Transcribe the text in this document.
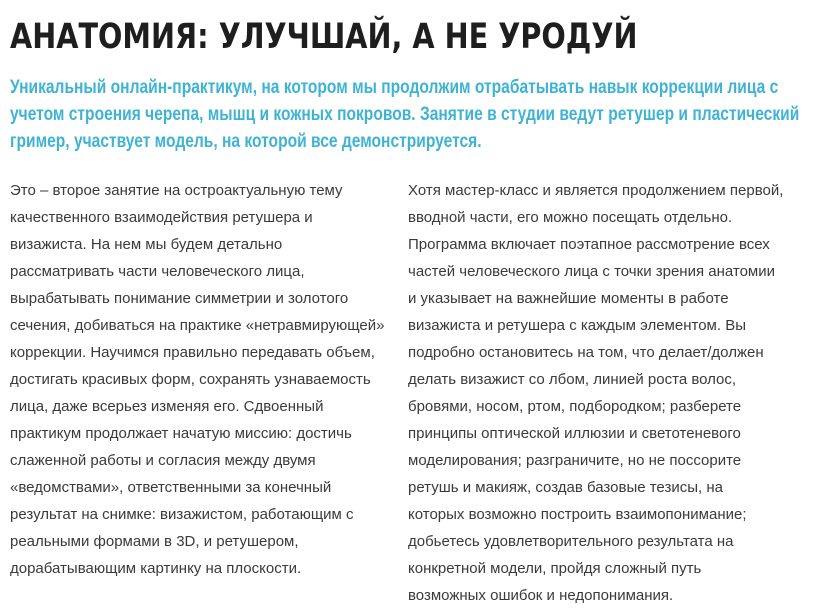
АНАТОМИЯ: УЛУЧШАЙ, А НЕ УРОДУЙ

Уникальный онлайн-практикум, на котором мы продолжим отрабатывать навык коррекции лица с
учетом строения черепа, мышц и кожных покровов. Занятие в студии ведут ретушер и пластический
гример, участвует модель, на которой все демонстрируется.

Это – второе занятие на остроактуальную тему
качественного взаимодействия ретушера и
визажиста. На нем мы будем детально
рассматривать части человеческого лица,
вырабатывать понимание симметрии и золотого
сечения, добиваться на практике «нетравмирующей»
коррекции. Научимся правильно передавать объем,
достигать красивых форм, сохранять узнаваемость
лица, даже всерьез изменяя его. Сдвоенный
практикум продолжает начатую миссию: достичь
слаженной работы и согласия между двумя
«ведомствами», ответственными за конечный
результат на снимке: визажистом, работающим с
реальными формами в 3D, и ретушером,
дорабатывающим картинку на плоскости.
Хотя мастер-класс и является продолжением первой,
вводной части, его можно посещать отдельно.
Программа включает поэтапное рассмотрение всех
частей человеческого лица с точки зрения анатомии
и указывает на важнейшие моменты в работе
визажиста и ретушера с каждым элементом. Вы
подробно остановитесь на том, что делает/должен
делать визажист со лбом, линией роста волос,
бровями, носом, ртом, подбородком; разберете
принципы оптической иллюзии и светотеневого
моделирования; разграничите, но не поссорите
ретушь и макияж, создав базовые тезисы, на
которых возможно построить взаимопонимание;
добьетесь удовлетворительного результата на
конкретной модели, пройдя сложный путь
возможных ошибок и недопонимания.
